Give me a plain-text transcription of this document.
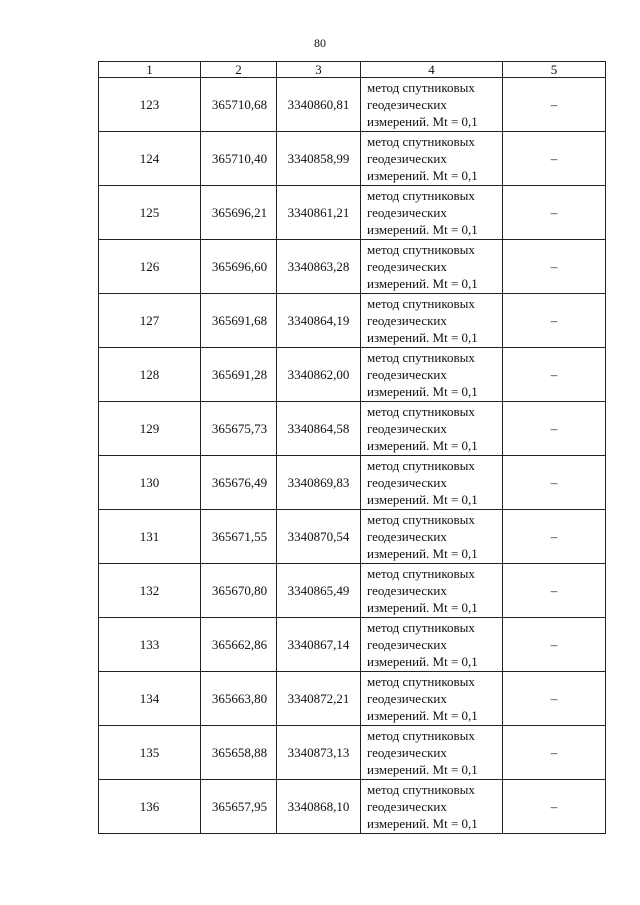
80
1	2	3	4	5
123	365710,68	3340860,81	метод спутниковых
геодезических
измерений. Mt = 0,1	–
124	365710,40	3340858,99	метод спутниковых
геодезических
измерений. Mt = 0,1	–
125	365696,21	3340861,21	метод спутниковых
геодезических
измерений. Mt = 0,1	–
126	365696,60	3340863,28	метод спутниковых
геодезических
измерений. Mt = 0,1	–
127	365691,68	3340864,19	метод спутниковых
геодезических
измерений. Mt = 0,1	–
128	365691,28	3340862,00	метод спутниковых
геодезических
измерений. Mt = 0,1	–
129	365675,73	3340864,58	метод спутниковых
геодезических
измерений. Mt = 0,1	–
130	365676,49	3340869,83	метод спутниковых
геодезических
измерений. Mt = 0,1	–
131	365671,55	3340870,54	метод спутниковых
геодезических
измерений. Mt = 0,1	–
132	365670,80	3340865,49	метод спутниковых
геодезических
измерений. Mt = 0,1	–
133	365662,86	3340867,14	метод спутниковых
геодезических
измерений. Mt = 0,1	–
134	365663,80	3340872,21	метод спутниковых
геодезических
измерений. Mt = 0,1	–
135	365658,88	3340873,13	метод спутниковых
геодезических
измерений. Mt = 0,1	–
136	365657,95	3340868,10	метод спутниковых
геодезических
измерений. Mt = 0,1	–
